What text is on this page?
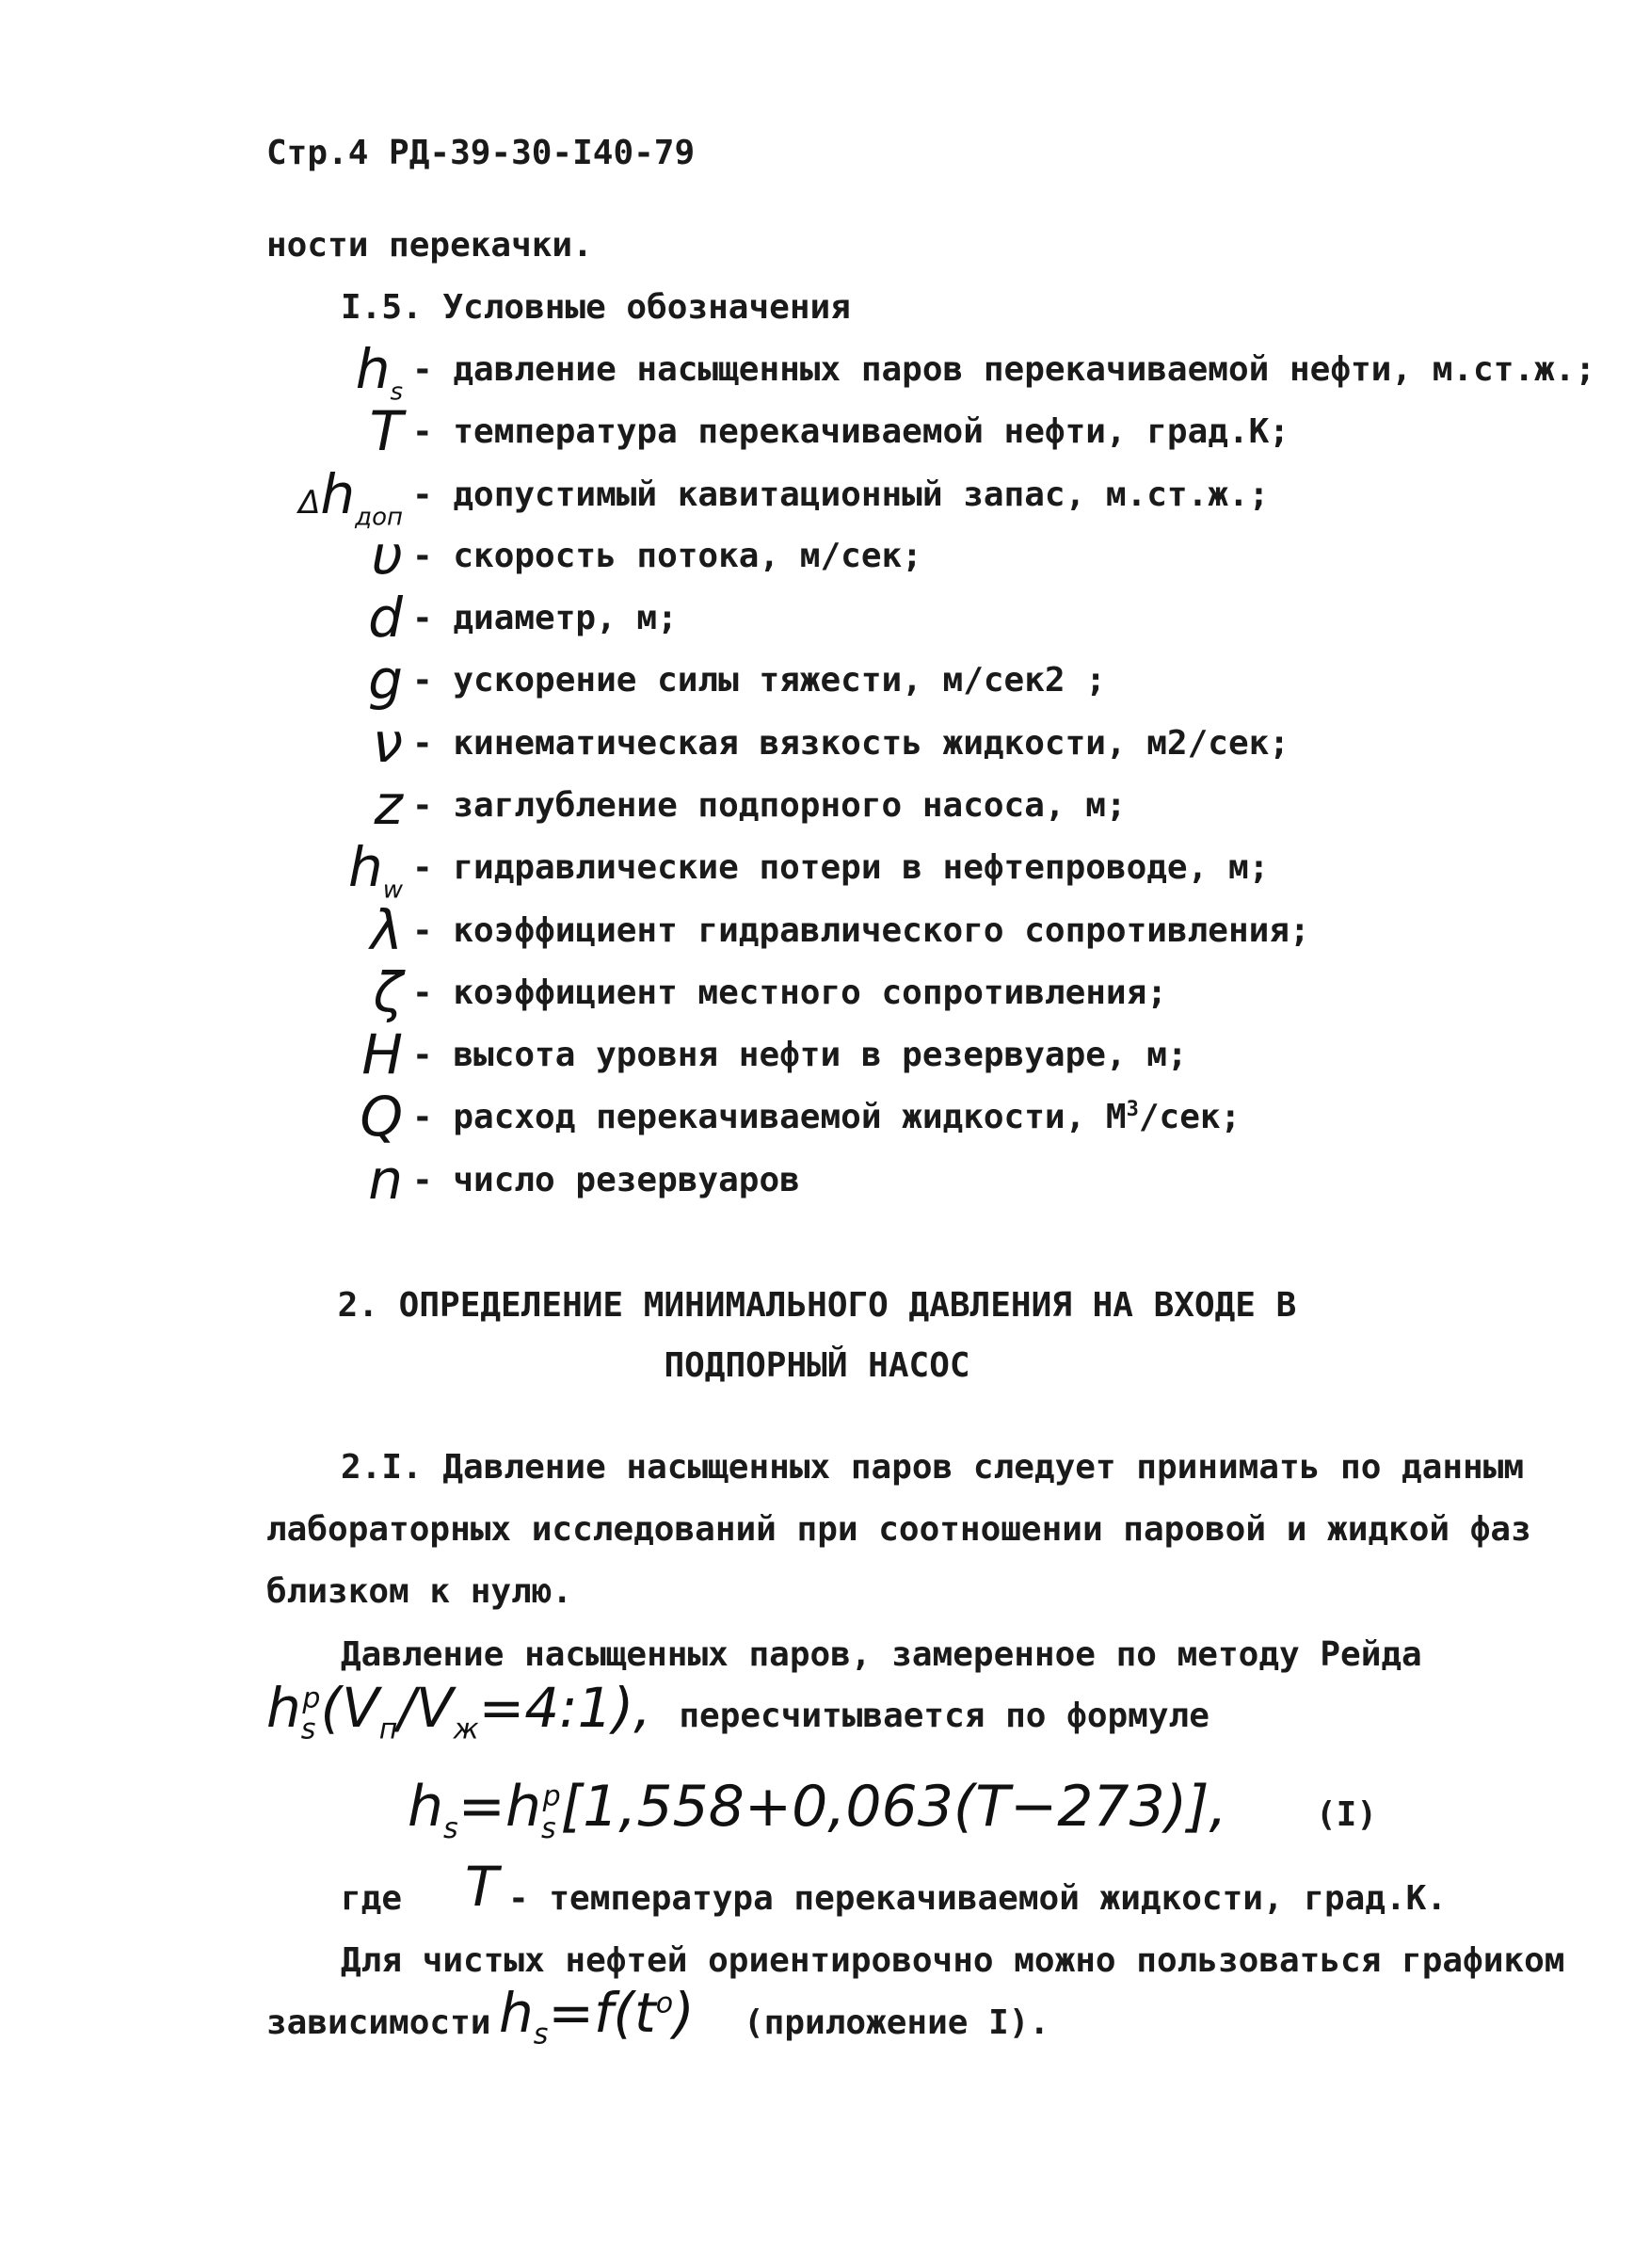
Стр.4 РД-39-30-I40-79
ности перекачки.
I.5. Условные обозначения
$h_s$
- давление насыщенных паров перекачиваемой нефти, м.ст.ж.;
T - температура перекачиваемой нефти, град.К;
$\Delta h_{доп}$
- допустимый кавитационный запас, м.ст.ж.;
υ - скорость потока, м/сек;
d - диаметр, м;
g - ускорение силы тяжести, м/сек2 ;
ν - кинематическая вязкость жидкости, м2/сек;
z - заглубление подпорного насоса, м;
$h_w$
- гидравлические потери в нефтепроводе, м;
λ - коэффициент гидравлического сопротивления;
ζ - коэффициент местного сопротивления;
H - высота уровня нефти в резервуаре, м;
Q - расход перекачиваемой жидкости, $М^3$/сек;
n - число резервуаров
2. ОПРЕДЕЛЕНИЕ МИНИМАЛЬНОГО ДАВЛЕНИЯ НА ВХОДЕ В
ПОДПОРНЫЙ НАСОС
2.I. Давление насыщенных паров следует принимать по данным
лабораторных исследований при соотношении паровой и жидкой фаз
близком к нулю.
Давление насыщенных паров, замеренное по методу Рейда
$h_s^p(V_п/V_ж=4:1)$, пересчитывается по формуле
$h_s=h_s^p[1,558+0,063(T-273)]$,	(I)
где T - температура перекачиваемой жидкости, град.К.
Для чистых нефтей ориентировочно можно пользоваться графиком
зависимости $h_s=f(t^o)$ (приложение I).
